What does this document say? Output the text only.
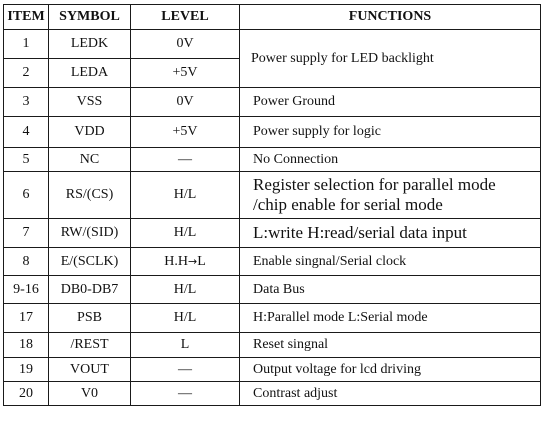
ITEM	SYMBOL	LEVEL	FUNCTIONS
1	LEDK	0V	Power supply for LED backlight
2	LEDA	+5V	
3	VSS	0V	Power Ground
4	VDD	+5V	Power supply for logic
5	NC	—	No Connection
6	RS/(CS)	H/L	Register selection for parallel mode
/chip enable for serial mode

7	RW/(SID)	H/L	L:write H:read/serial data input
8	E/(SCLK)	H.H→L	Enable singnal/Serial clock
9-16	DB0-DB7	H/L	Data Bus
17	PSB	H/L	H:Parallel mode L:Serial mode
18	/REST	L	Reset singnal
19	VOUT	—	Output voltage for lcd driving
20	V0	—	Contrast adjust
